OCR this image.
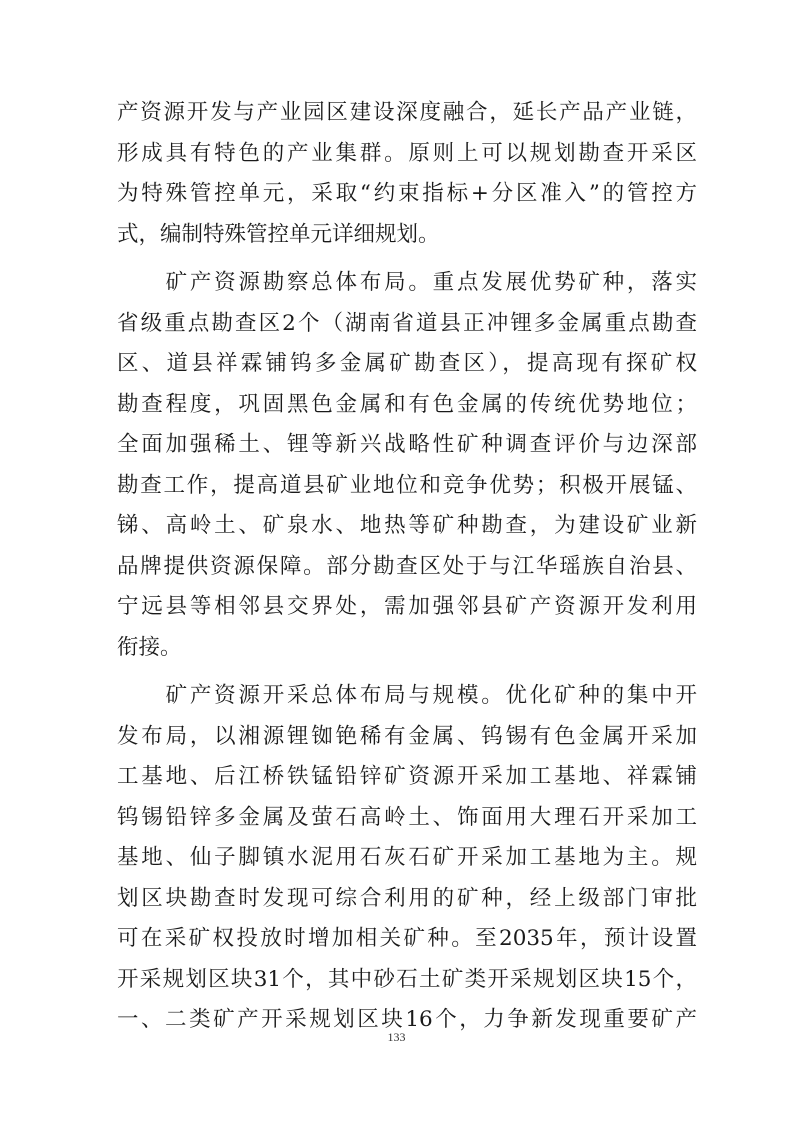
产资源开发与产业园区建设深度融合，延长产品产业链，
形成具有特色的产业集群。原则上可以规划勘查开采区
为特殊管控单元，采取“约束指标+分区准入”的管控方
式，编制特殊管控单元详细规划。
　　矿产资源勘察总体布局。重点发展优势矿种，落实
省级重点勘查区2个（湖南省道县正冲锂多金属重点勘查
区、道县祥霖铺钨多金属矿勘查区），提高现有探矿权
勘查程度，巩固黑色金属和有色金属的传统优势地位；
全面加强稀土、锂等新兴战略性矿种调查评价与边深部
勘查工作，提高道县矿业地位和竞争优势；积极开展锰、
锑、高岭土、矿泉水、地热等矿种勘查，为建设矿业新
品牌提供资源保障。部分勘查区处于与江华瑶族自治县、
宁远县等相邻县交界处，需加强邻县矿产资源开发利用
衔接。
　　矿产资源开采总体布局与规模。优化矿种的集中开
发布局，以湘源锂铷铯稀有金属、钨锡有色金属开采加
工基地、后江桥铁锰铅锌矿资源开采加工基地、祥霖铺
钨锡铅锌多金属及萤石高岭土、饰面用大理石开采加工
基地、仙子脚镇水泥用石灰石矿开采加工基地为主。规
划区块勘查时发现可综合利用的矿种，经上级部门审批
可在采矿权投放时增加相关矿种。至2035年，预计设置
开采规划区块31个，其中砂石土矿类开采规划区块15个，
一、二类矿产开采规划区块16个，力争新发现重要矿产
133
